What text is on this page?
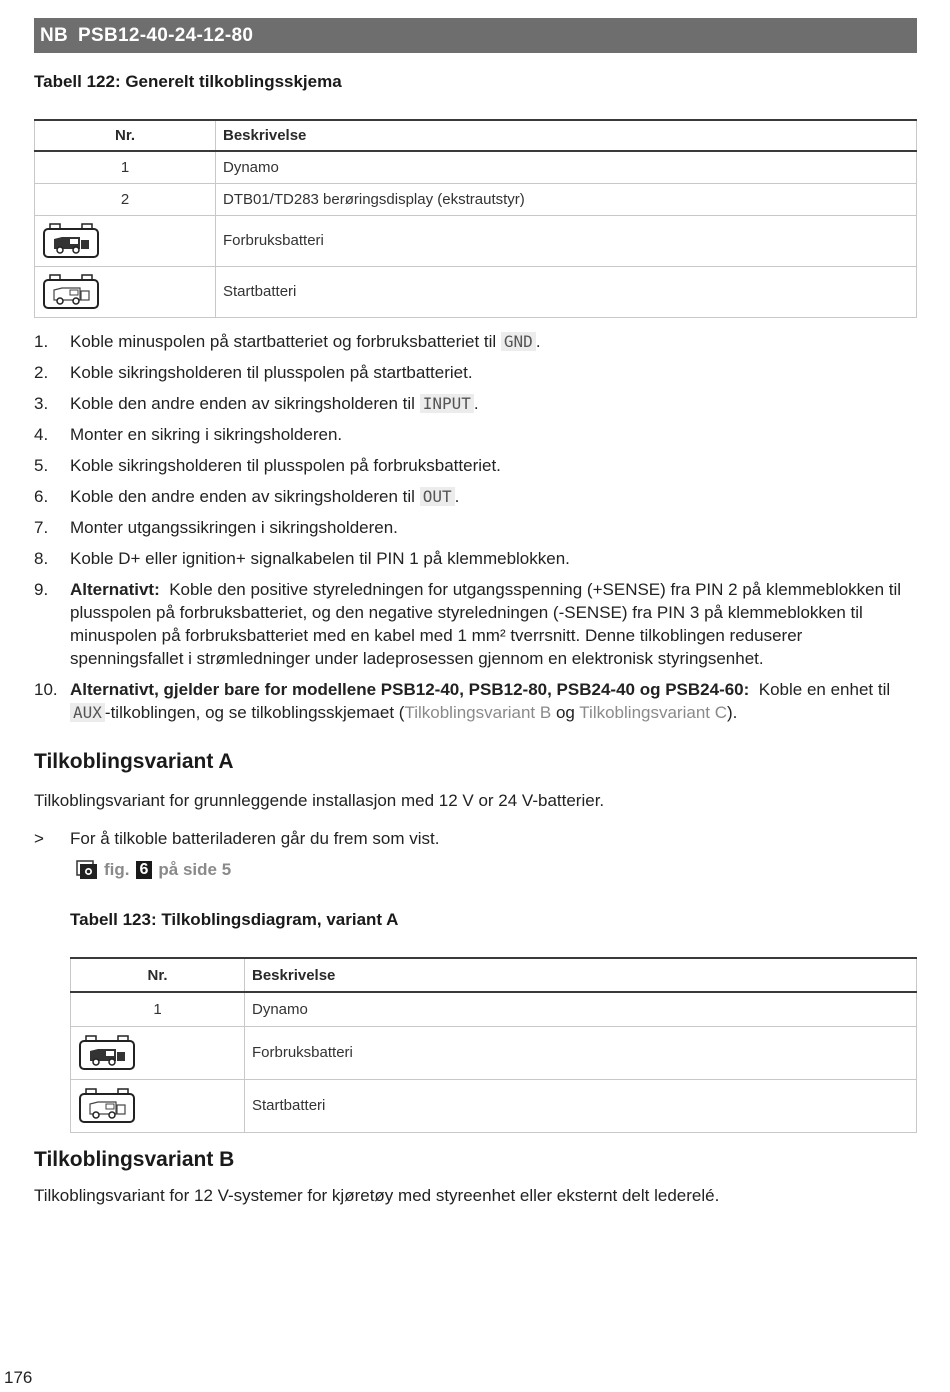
NB PSB12-40-24-12-80
Tabell 122: Generelt tilkoblingsskjema
Nr.	Beskrivelse
1	Dynamo
2	DTB01/TD283 berøringsdisplay (ekstrautstyr)
	Forbruksbatteri
	Startbatteri
1.	Koble minuspolen på startbatteriet og forbruksbatteriet til GND .
2.	Koble sikringsholderen til plusspolen på startbatteriet.
3.	Koble den andre enden av sikringsholderen til INPUT .
4.	Monter en sikring i sikringsholderen.
5.	Koble sikringsholderen til plusspolen på forbruksbatteriet.
6.	Koble den andre enden av sikringsholderen til OUT .
7.	Monter utgangssikringen i sikringsholderen.
8.	Koble D+ eller ignition+ signalkabelen til PIN 1 på klemmeblokken.
9.	Alternativt: Koble den positive styreledningen for utgangsspenning (+SENSE) fra PIN 2 på klemmeblokken til plusspolen på forbruksbatteriet, og den negative styreledningen (-SENSE) fra PIN 3 på klemmeblokken til minuspolen på forbruksbatteriet med en kabel med 1 mm² tverrsnitt. Denne tilkoblingen reduserer spenningsfallet i strømledninger under ladeprosessen gjennom en elektronisk styringsenhet.
10. Alternativt, gjelder bare for modellene PSB12-40, PSB12-80, PSB24-40 og PSB24-60: Koble en enhet til AUX -tilkoblingen, og se tilkoblingsskjemaet (Tilkoblingsvariant B og Tilkoblingsvariant C).
Tilkoblingsvariant A
Tilkoblingsvariant for grunnleggende installasjon med 12 V or 24 V-batterier.
>	For å tilkoble batteriladeren går du frem som vist.
fig. 6 på side 5
Tabell 123: Tilkoblingsdiagram, variant A
Nr.	Beskrivelse
1	Dynamo
	Forbruksbatteri
	Startbatteri
Tilkoblingsvariant B
Tilkoblingsvariant for 12 V-systemer for kjøretøy med styreenhet eller eksternt delt lederelé.
176
